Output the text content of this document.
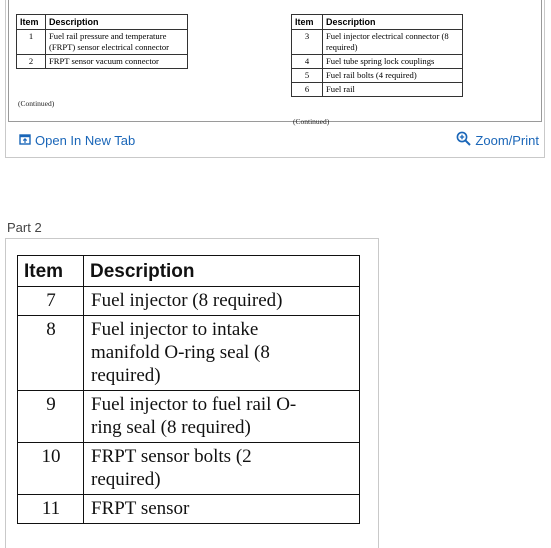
Item	Description
1	Fuel rail pressure and temperature (FRPT) sensor electrical connector
2	FRPT sensor vacuum connector
(Continued)
Item	Description
3	Fuel injector electrical connector (8 required)
4	Fuel tube spring lock couplings
5	Fuel rail bolts (4 required)
6	Fuel rail
(Continued)
Open In New Tab	Zoom/Print
Part 2
Item	Description
7	Fuel injector (8 required)
8	Fuel injector to intake manifold O-ring seal (8 required)
9	Fuel injector to fuel rail O-ring seal (8 required)
10	FRPT sensor bolts (2 required)
11	FRPT sensor
